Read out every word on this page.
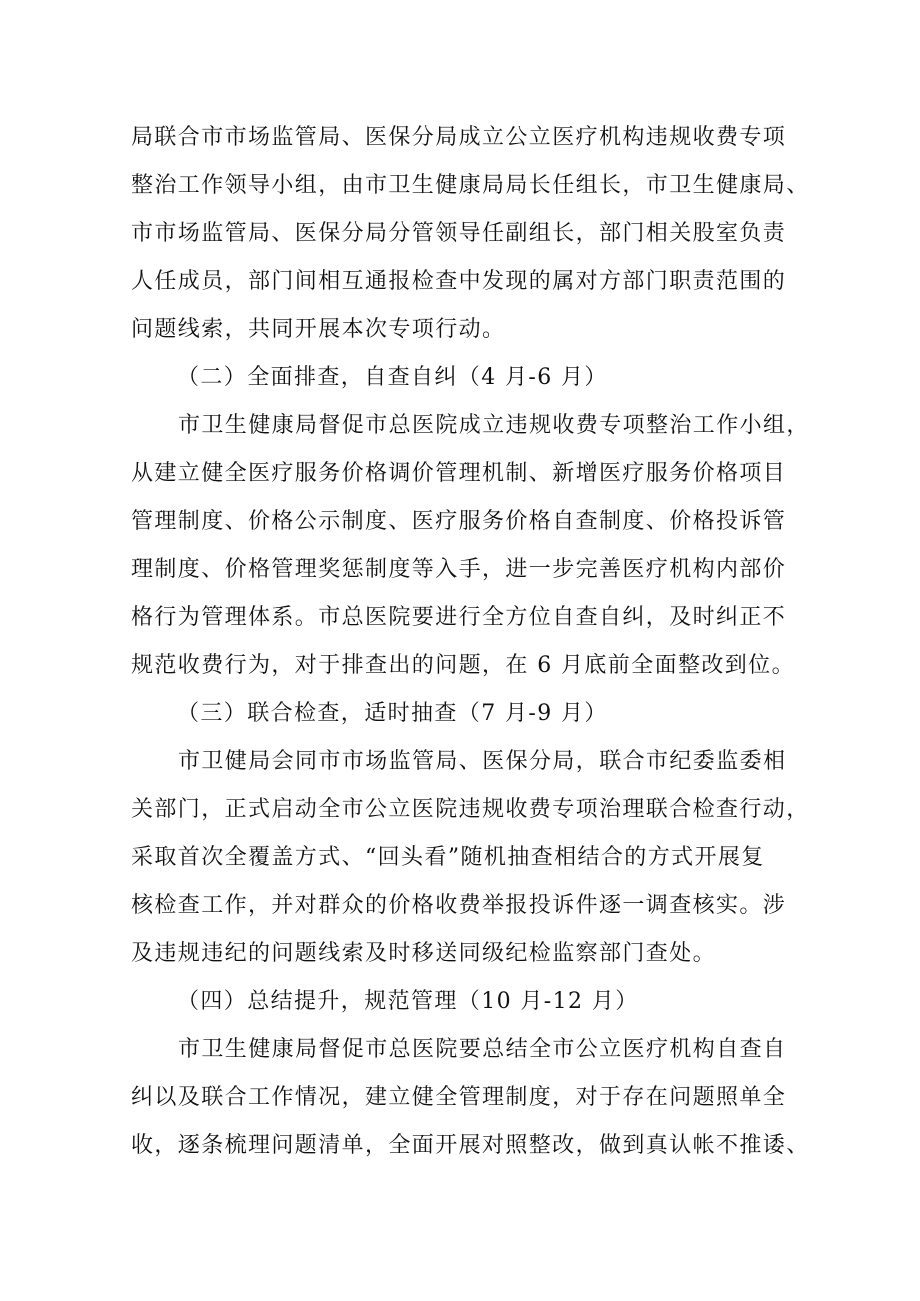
局联合市市场监管局、医保分局成立公立医疗机构违规收费专项
整治工作领导小组，由市卫生健康局局长任组长，市卫生健康局、
市市场监管局、医保分局分管领导任副组长，部门相关股室负责
人任成员，部门间相互通报检查中发现的属对方部门职责范围的
问题线索，共同开展本次专项行动。
（二）全面排查，自查自纠（4 月-6 月）
市卫生健康局督促市总医院成立违规收费专项整治工作小组，
从建立健全医疗服务价格调价管理机制、新增医疗服务价格项目
管理制度、价格公示制度、医疗服务价格自查制度、价格投诉管
理制度、价格管理奖惩制度等入手，进一步完善医疗机构内部价
格行为管理体系。市总医院要进行全方位自查自纠，及时纠正不
规范收费行为，对于排查出的问题，在 6 月底前全面整改到位。
（三）联合检查，适时抽查（7 月-9 月）
市卫健局会同市市场监管局、医保分局，联合市纪委监委相
关部门，正式启动全市公立医院违规收费专项治理联合检查行动，
采取首次全覆盖方式、“回头看”随机抽查相结合的方式开展复
核检查工作，并对群众的价格收费举报投诉件逐一调查核实。涉
及违规违纪的问题线索及时移送同级纪检监察部门查处。
（四）总结提升，规范管理（10 月-12 月）
市卫生健康局督促市总医院要总结全市公立医疗机构自查自
纠以及联合工作情况，建立健全管理制度，对于存在问题照单全
收，逐条梳理问题清单，全面开展对照整改，做到真认帐不推诿、
